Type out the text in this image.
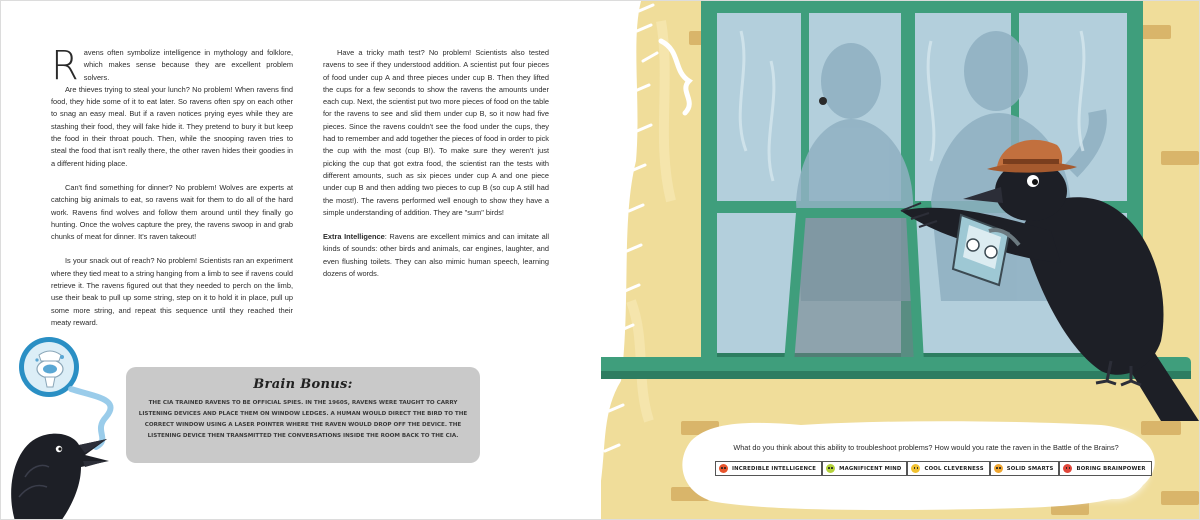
Ravens often symbolize intelligence in mythology and folklore, which makes sense because they are excellent problem solvers.

Are thieves trying to steal your lunch? No problem! When ravens find food, they hide some of it to eat later. So ravens often spy on each other to snag an easy meal. But if a raven notices prying eyes while they are stashing their food, they will fake hide it. They pretend to bury it but keep the food in their throat pouch. Then, while the snooping raven tries to steal the food that isn't really there, the other raven hides their goodies in a different hiding place.

Can't find something for dinner? No problem! Wolves are experts at catching big animals to eat, so ravens wait for them to do all of the hard work. Ravens find wolves and follow them around until they finally go hunting. Once the wolves capture the prey, the ravens swoop in and grab chunks of meat for dinner. It's raven takeout!

Is your snack out of reach? No problem! Scientists ran an experiment where they tied meat to a string hanging from a limb to see if ravens could retrieve it. The ravens figured out that they needed to perch on the limb, use their beak to pull up some string, step on it to hold it in place, pull up some more string, and repeat this sequence until they reached their meaty reward.

Have a tricky math test? No problem! Scientists also tested ravens to see if they understood addition. A scientist put four pieces of food under cup A and three pieces under cup B. Then they lifted the cups for a few seconds to show the ravens the amounts under each cup. Next, the scientist put two more pieces of food on the table for the ravens to see and slid them under cup B, so it now had five pieces. Since the ravens couldn't see the food under the cups, they had to remember and add together the pieces of food in order to pick the cup with the most (cup B!). To make sure they weren't just picking the cup that got extra food, the scientist ran the tests with different amounts, such as six pieces under cup A and one piece under cup B and then adding two pieces to cup B (so cup A still had the most!). The ravens performed well enough to show they have a simple understanding of addition. They are "sum" birds!

Extra Intelligence: Ravens are excellent mimics and can imitate all kinds of sounds: other birds and animals, car engines, laughter, and even flushing toilets. They can also mimic human speech, learning dozens of words.

Brain Bonus:
THE CIA TRAINED RAVENS TO BE OFFICIAL SPIES. IN THE 1960S, RAVENS WERE TAUGHT TO CARRY LISTENING DEVICES AND PLACE THEM ON WINDOW LEDGES. A HUMAN WOULD DIRECT THE BIRD TO THE CORRECT WINDOW USING A LASER POINTER WHERE THE RAVEN WOULD DROP OFF THE DEVICE. THE LISTENING DEVICE THEN TRANSMITTED THE CONVERSATIONS INSIDE THE ROOM BACK TO THE CIA.
What do you think about this ability to troubleshoot problems? How would you rate the raven in the Battle of the Brains?
INCREDIBLE INTELLIGENCE	MAGNIFICENT MIND	COOL CLEVERNESS	SOLID SMARTS	BORING BRAINPOWER
